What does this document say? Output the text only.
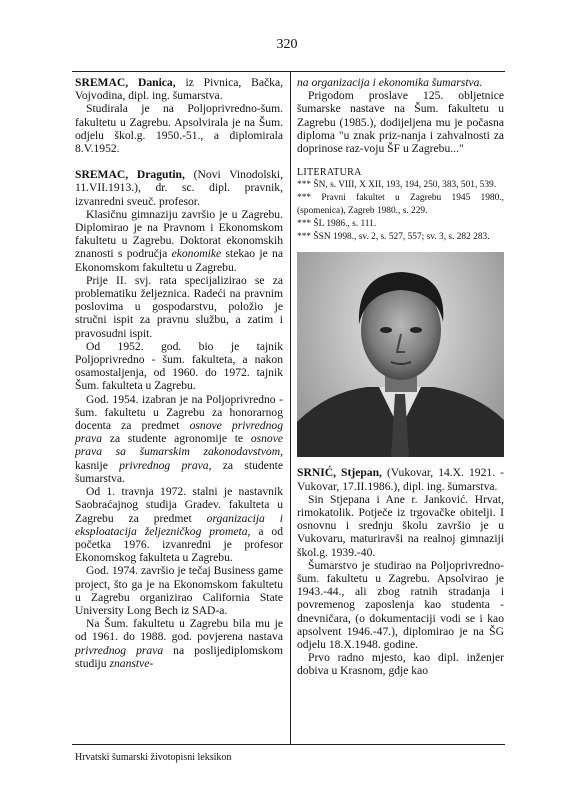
320

SREMAC, Danica, iz Pivnica, Bačka, Vojvodina, dipl. ing. šumarstva.

Studirala je na Poljoprivredno-šum. fakultetu u Zagrebu. Apsolvirala je na Šum. odjelu škol.g. 1950.-51., a diplomirala 8.V.1952.

SREMAC, Dragutin, (Novi Vinodolski, 11.VII.1913.), dr. sc. dipl. pravnik, izvanredni sveuč. profesor.

Klasičnu gimnaziju završio je u Zagrebu. Diplomirao je na Pravnom i Ekonomskom fakultetu u Zagrebu. Doktorat ekonomskih znanosti s područja ekonomike stekao je na Ekonomskom fakultetu u Zagrebu.

Prije II. svj. rata specijalizirao se za problematiku željeznica. Radeći na pravnim poslovima u gospodarstvu, položio je stručni ispit za pravnu službu, a zatim i pravosudni ispit.

Od 1952. god. bio je tajnik Poljoprivredno - šum. fakulteta, a nakon osamostaljenja, od 1960. do 1972. tajnik Šum. fakulteta u Zagrebu.

God. 1954. izabran je na Poljoprivredno - šum. fakultetu u Zagrebu za honorarnog docenta za predmet osnove privrednog prava za studente agronomije te osnove prava sa šumarskim zakonodavstvom, kasnije privrednog prava, za studente šumarstva.

Od 1. travnja 1972. stalni je nastavnik Saobraćajnog studija Gradev. fakulteta u Zagrebu za predmet organizacija i eksploatacija željezničkog prometa, a od početka 1976. izvanredni je profesor Ekonomskog fakulteta u Zagrebu.

God. 1974. završio je tečaj Business game project, što ga je na Ekonomskom fakultetu u Zagrebu organizirao California State University Long Bech iz SAD-a.

Na Šum. fakultetu u Zagrebu bila mu je od 1961. do 1988. god. povjerena nastava privrednog prava na poslijediplomskom studiju znanstve-

na organizacija i ekonomika šumarstva.

Prigodom proslave 125. obljetnice šumarske nastave na Šum. fakultetu u Zagrebu (1985.), dodijeljena mu je počasna diploma "u znak priz-nanja i zahvalnosti za doprinose raz-voju ŠF u Zagrebu..."

LITERATURA
*** ŠN, s. VIII, X XII, 193, 194, 250, 383, 501, 539.
*** Pravni fakultet u Zagrebu 1945 1980., (spomenica), Zagreb 1980., s. 229.
*** ŠL 1986., s. 111.
*** ŠSN 1998., sv. 2, s. 527, 557; sv. 3, s. 282 283.

SRNIĆ, Stjepan, (Vukovar, 14.X. 1921. - Vukovar, 17.II.1986.), dipl. ing. šumarstva.

Sin Stjepana i Ane r. Janković. Hrvat, rimokatolik. Potječe iz trgovačke obitelji. I osnovnu i srednju školu završio je u Vukovaru, maturiravši na realnoj gimnaziji škol.g. 1939.-40.

Šumarstvo je studirao na Poljoprivredno-šum. fakultetu u Zagrebu. Apsolvirao je 1943.-44., ali zbog ratnih stradanja i povremenog zaposlenja kao studenta -dnevničara, (o dokumentaciji vodi se i kao apsolvent 1946.-47.), diplomirao je na ŠG odjelu 18.X.1948. godine.

Prvo radno mjesto, kao dipl. inženjer dobiva u Krasnom, gdje kao

Hrvatski šumarski životopisni leksikon
